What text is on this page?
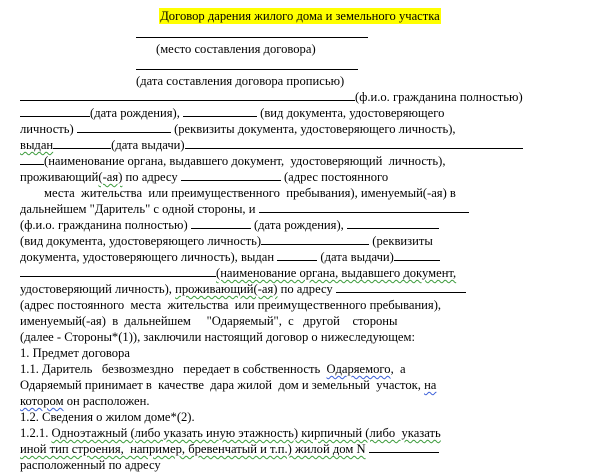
Договор дарения жилого дома и земельного участка
(место составления договора)
(дата составления договора прописью)
(ф.и.о. гражданина полностью)
(дата рождения),	(вид документа, удостоверяющего
личность)	(реквизиты документа, удостоверяющего личность),
выдан	(дата выдачи)
(наименование органа, выдавшего документ,  удостоверяющий  личность),
проживающий(-ая) по адресу	(адрес постоянного
места  жительства  или преимущественного  пребывания), именуемый(-ая) в
дальнейшем "Даритель" с одной стороны, и
(ф.и.о. гражданина полностью)	(дата рождения),
(вид документа, удостоверяющего личность)	(реквизиты
документа, удостоверяющего личность), выдан	(дата выдачи)
(наименование органа, выдавшего документ,
удостоверяющий личность), проживающий(-ая) по адресу
(адрес постоянного  места  жительства  или преимущественного пребывания),
именуемый(-ая)  в  дальнейшем     "Одаряемый",  с   другой    стороны
(далее - Стороны*(1)), заключили настоящий договор о нижеследующем:
1. Предмет договора
1.1. Даритель   безвозмездно   передает в собственность  Одаряемого,  а
Одаряемый принимает в  качестве  дара жилой  дом и земельный  участок, на
котором он расположен.
1.2. Сведения о жилом доме*(2).
1.2.1. Одноэтажный (либо указать иную этажность) кирпичный (либо  указать
иной тип строения,  например, бревенчатый и т.п.) жилой дом N
расположенный по адресу
